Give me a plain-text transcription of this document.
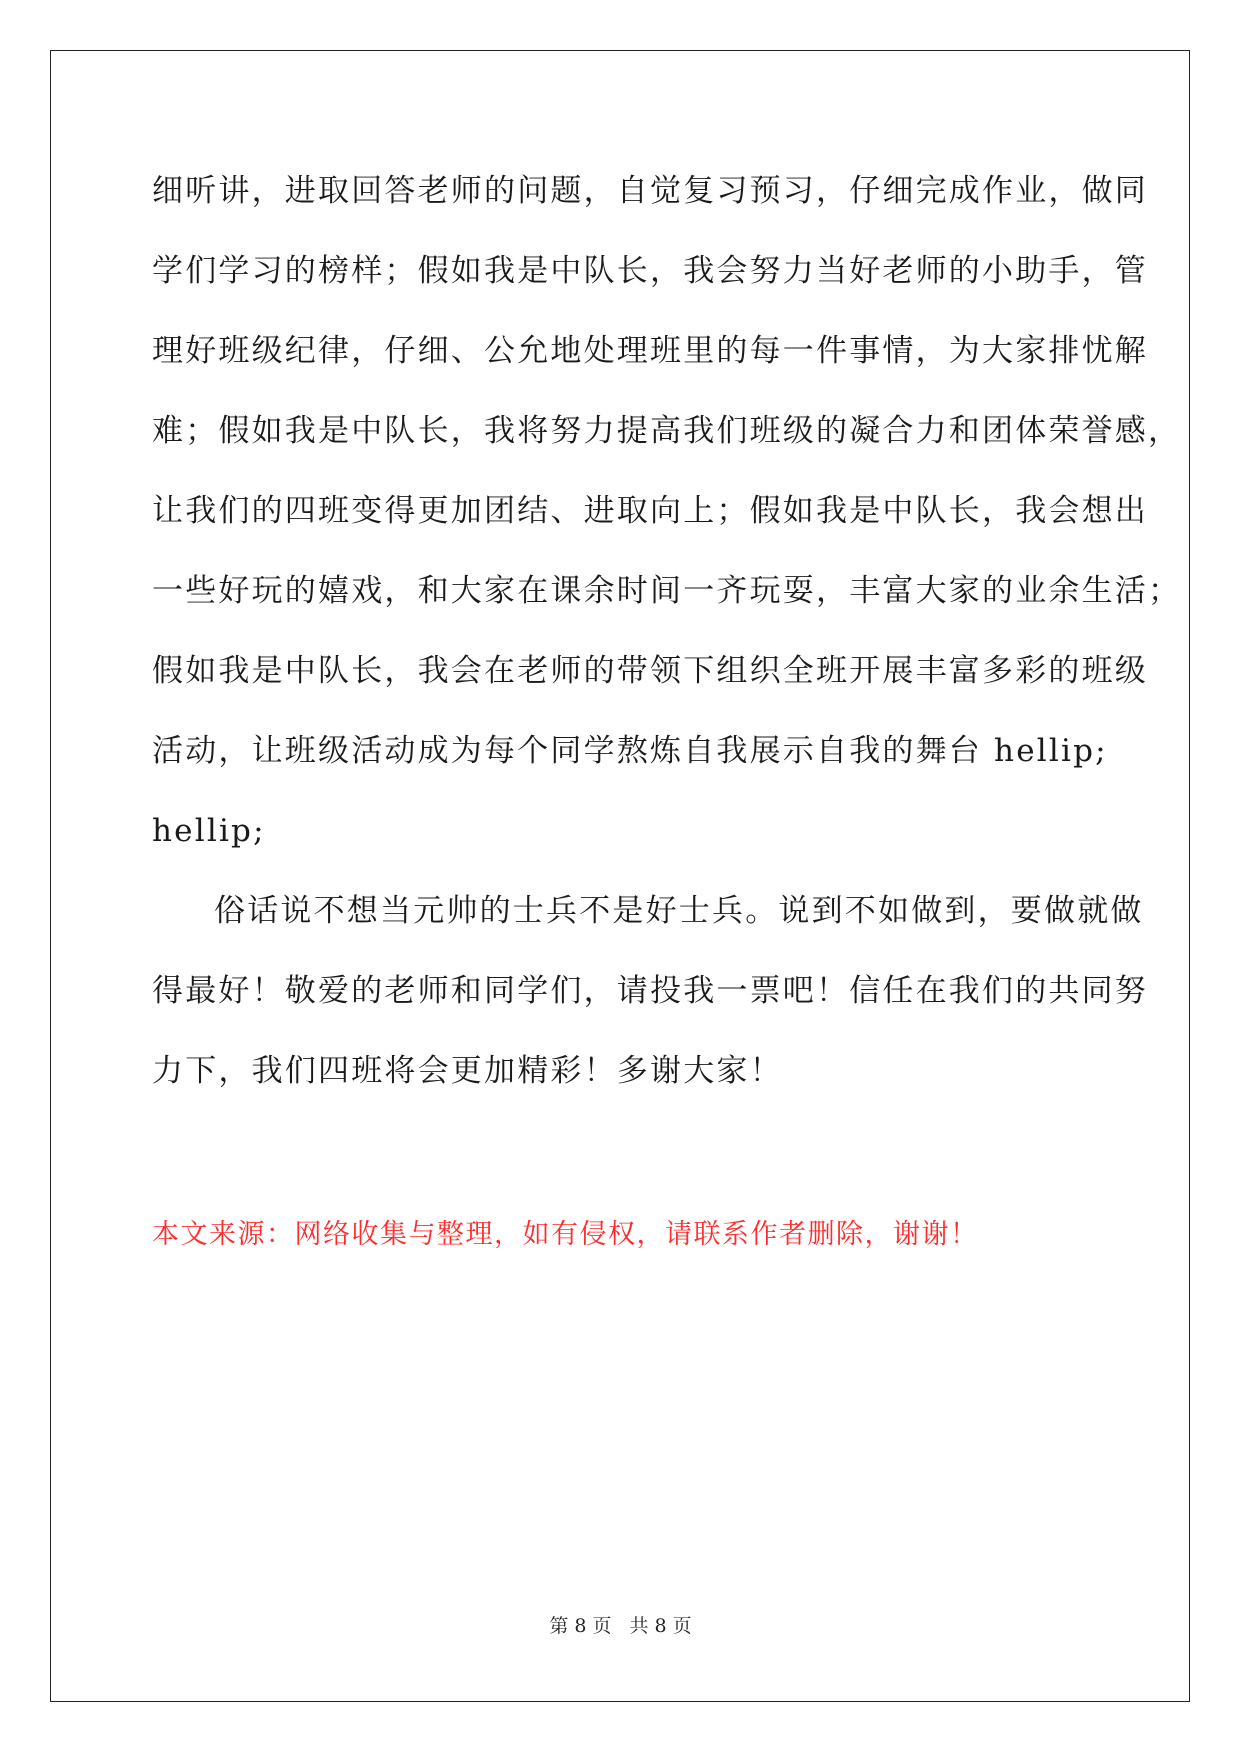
细听讲，进取回答老师的问题，自觉复习预习，仔细完成作业，做同
学们学习的榜样；假如我是中队长，我会努力当好老师的小助手，管
理好班级纪律，仔细、公允地处理班里的每一件事情，为大家排忧解
难；假如我是中队长，我将努力提高我们班级的凝合力和团体荣誉感，
让我们的四班变得更加团结、进取向上；假如我是中队长，我会想出
一些好玩的嬉戏，和大家在课余时间一齐玩耍，丰富大家的业余生活；
假如我是中队长，我会在老师的带领下组织全班开展丰富多彩的班级
活动，让班级活动成为每个同学熬炼自我展示自我的舞台 hellip;
hellip;
俗话说不想当元帅的士兵不是好士兵。说到不如做到，要做就做
得最好！敬爱的老师和同学们，请投我一票吧！信任在我们的共同努
力下，我们四班将会更加精彩！多谢大家！
本文来源：网络收集与整理，如有侵权，请联系作者删除，谢谢！
第 8 页 共 8 页
